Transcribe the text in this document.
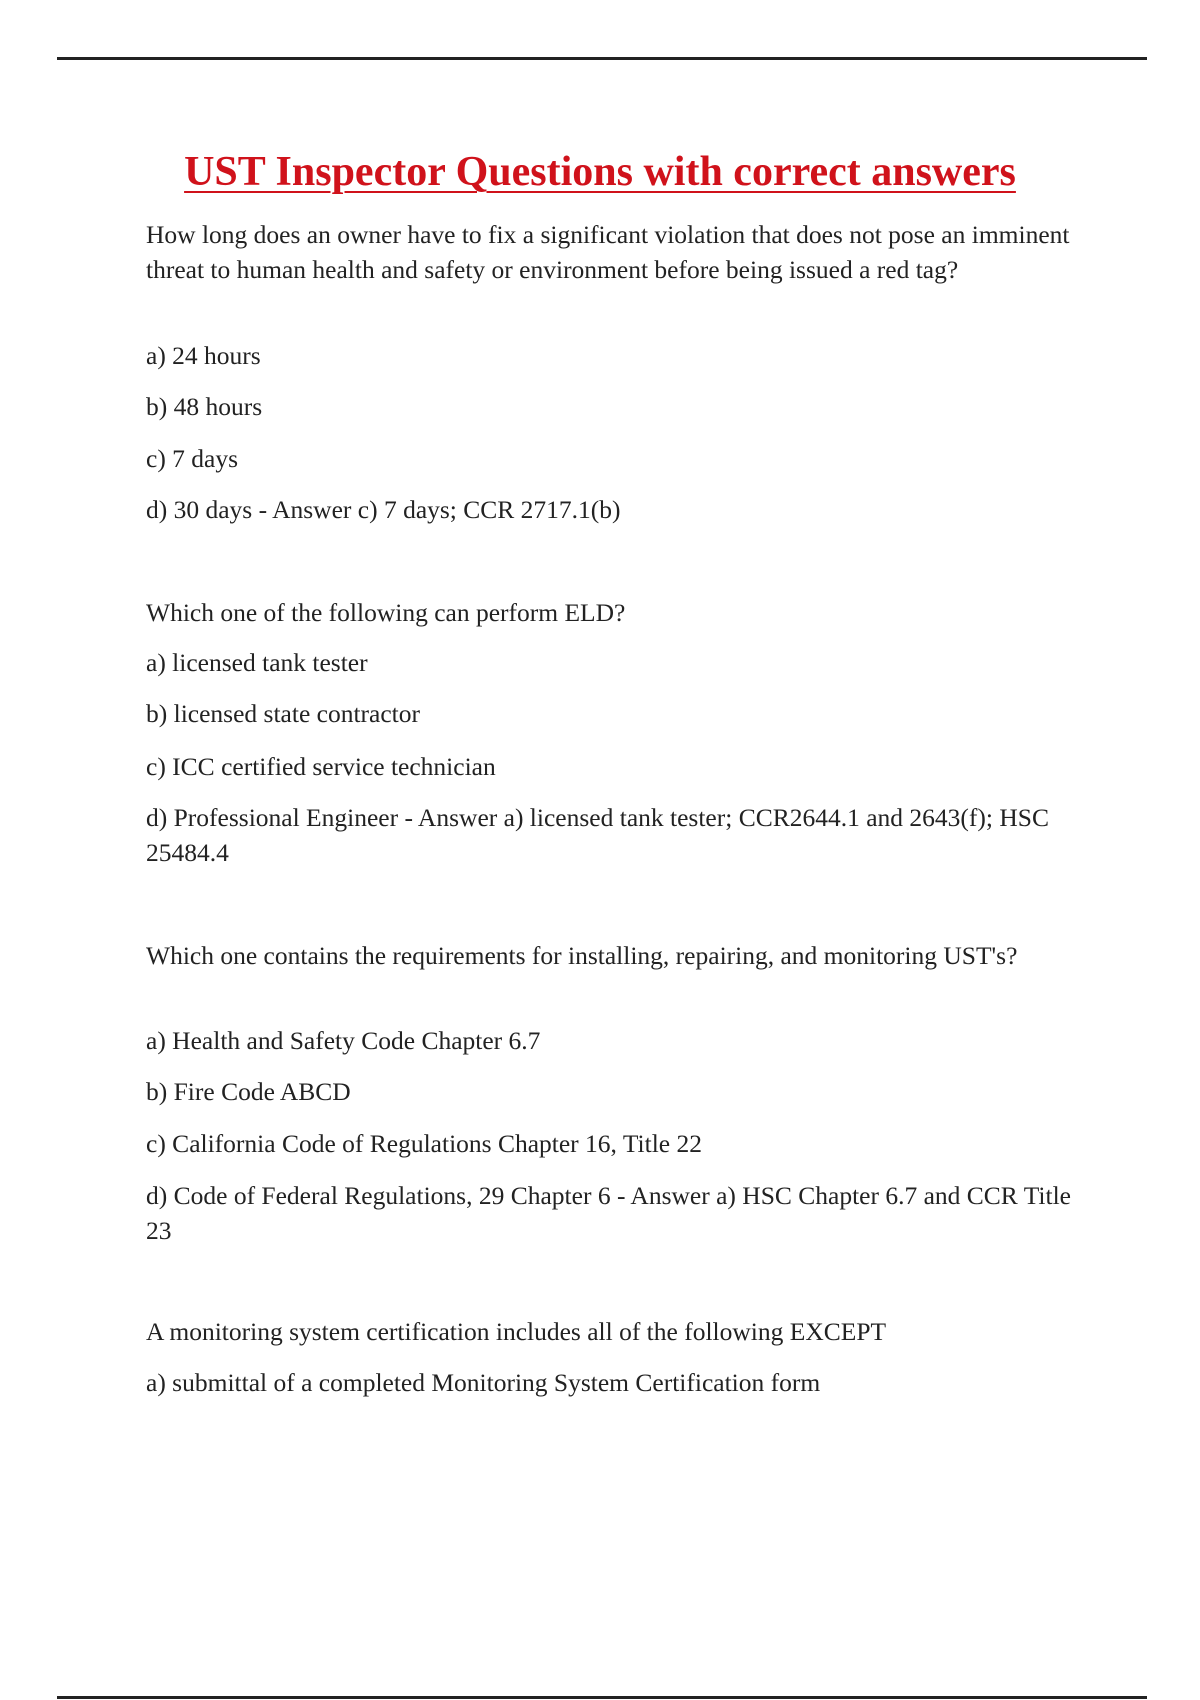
UST Inspector Questions with correct answers

How long does an owner have to fix a significant violation that does not pose an imminent threat to human health and safety or environment before being issued a red tag?

a) 24 hours

b) 48 hours

c) 7 days

d) 30 days - Answer c) 7 days; CCR 2717.1(b)

Which one of the following can perform ELD?

a) licensed tank tester

b) licensed state contractor

c) ICC certified service technician

d) Professional Engineer - Answer a) licensed tank tester; CCR2644.1 and 2643(f); HSC 25484.4

Which one contains the requirements for installing, repairing, and monitoring UST's?

a) Health and Safety Code Chapter 6.7

b) Fire Code ABCD

c) California Code of Regulations Chapter 16, Title 22

d) Code of Federal Regulations, 29 Chapter 6 - Answer a) HSC Chapter 6.7 and CCR Title 23

A monitoring system certification includes all of the following EXCEPT

a) submittal of a completed Monitoring System Certification form
